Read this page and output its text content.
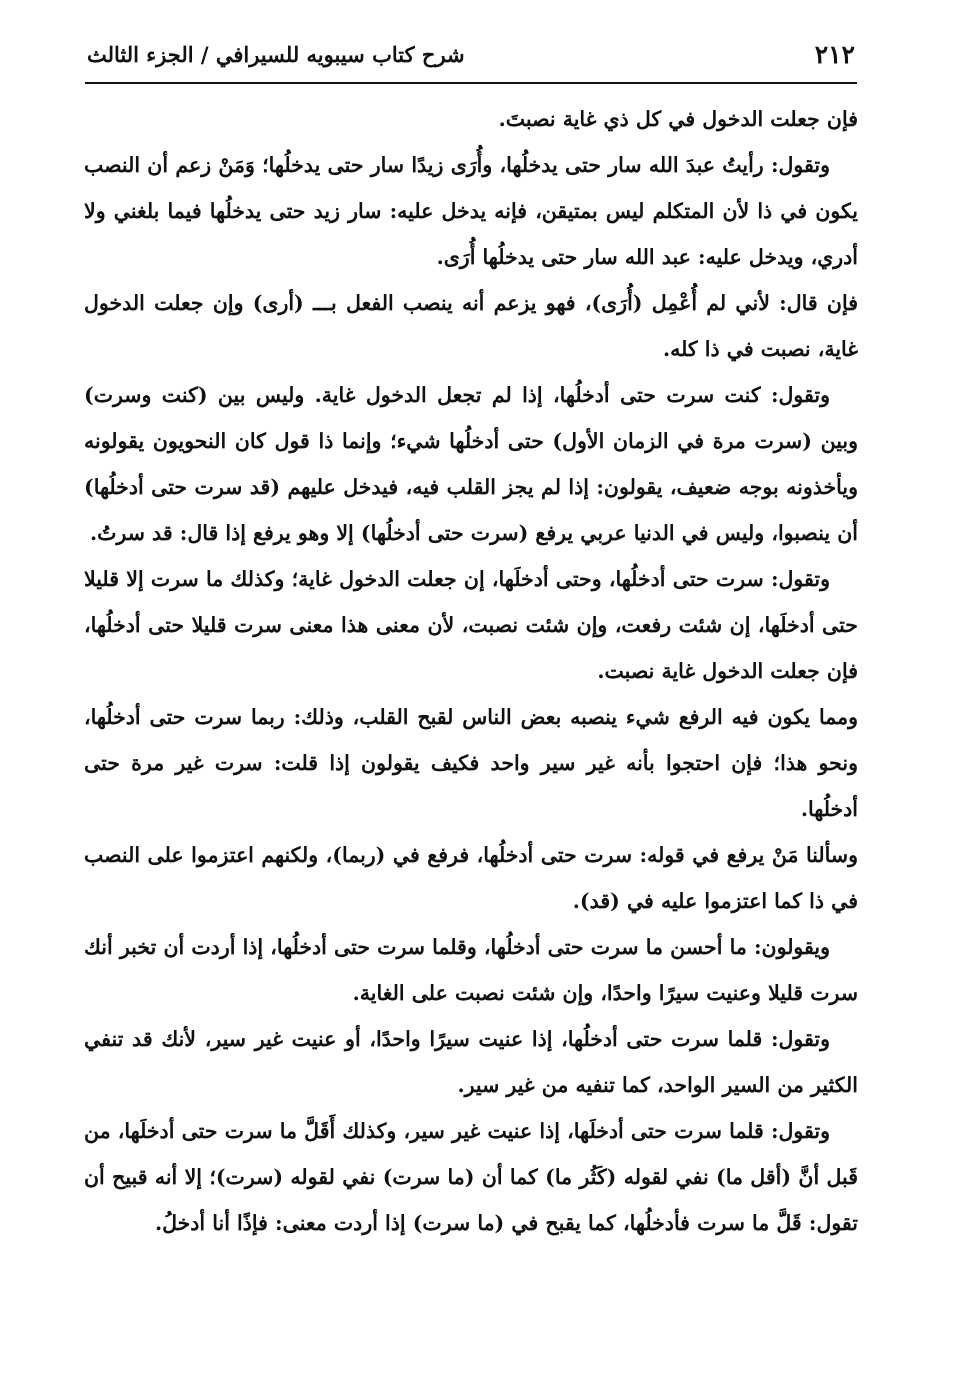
٢١٢
شرح كتاب سيبويه للسيرافي / الجزء الثالث

فإن جعلت الدخول في كل ذي غاية نصبتَ.

وتقول: رأيتُ عبدَ الله سار حتى يدخلُها، وأُرَى زيدًا سار حتى يدخلُها؛ وَمَنْ زعم أن النصب يكون في ذا لأن المتكلم ليس بمتيقن، فإنه يدخل عليه: سار زيد حتى يدخلُها فيما بلغني ولا أدري، ويدخل عليه: عبد الله سار حتى يدخلُها أُرَى.

فإن قال: لأني لم أُعْمِل (أُرَى)، فهو يزعم أنه ينصب الفعل بـــ (أرى) وإن جعلت الدخول غاية، نصبت في ذا كله.

وتقول: كنت سرت حتى أدخلُها، إذا لم تجعل الدخول غاية. وليس بين (كنت وسرت) وبين (سرت مرة في الزمان الأول) حتى أدخلُها شيء؛ وإنما ذا قول كان النحويون يقولونه ويأخذونه بوجه ضعيف، يقولون: إذا لم يجز القلب فيه، فيدخل عليهم (قد سرت حتى أدخلُها) أن ينصبوا، وليس في الدنيا عربي يرفع (سرت حتى أدخلُها) إلا وهو يرفع إذا قال: قد سرتُ.

وتقول: سرت حتى أدخلُها، وحتى أدخلَها، إن جعلت الدخول غاية؛ وكذلك ما سرت إلا قليلا حتى أدخلَها، إن شئت رفعت، وإن شئت نصبت، لأن معنى هذا معنى سرت قليلا حتى أدخلُها، فإن جعلت الدخول غاية نصبت.

ومما يكون فيه الرفع شيء ينصبه بعض الناس لقبح القلب، وذلك: ربما سرت حتى أدخلُها، ونحو هذا؛ فإن احتجوا بأنه غير سير واحد فكيف يقولون إذا قلت: سرت غير مرة حتى أدخلُها.

وسألنا مَنْ يرفع في قوله: سرت حتى أدخلُها، فرفع في (ربما)، ولكنهم اعتزموا على النصب في ذا كما اعتزموا عليه في (قد).

ويقولون: ما أحسن ما سرت حتى أدخلُها، وقلما سرت حتى أدخلُها، إذا أردت أن تخبر أنك سرت قليلا وعنيت سيرًا واحدًا، وإن شئت نصبت على الغاية.

وتقول: قلما سرت حتى أدخلُها، إذا عنيت سيرًا واحدًا، أو عنيت غير سير، لأنك قد تنفي الكثير من السير الواحد، كما تنفيه من غير سير.

وتقول: قلما سرت حتى أدخلَها، إذا عنيت غير سير، وكذلك أَقَلَّ ما سرت حتى أدخلَها، من قَبل أنَّ (أقل ما) نفي لقوله (كَثُر ما) كما أن (ما سرت) نفي لقوله (سرت)؛ إلا أنه قبيح أن تقول: قَلَّ ما سرت فأدخلُها، كما يقبح في (ما سرت) إذا أردت معنى: فإذًا أنا أدخلُ.
